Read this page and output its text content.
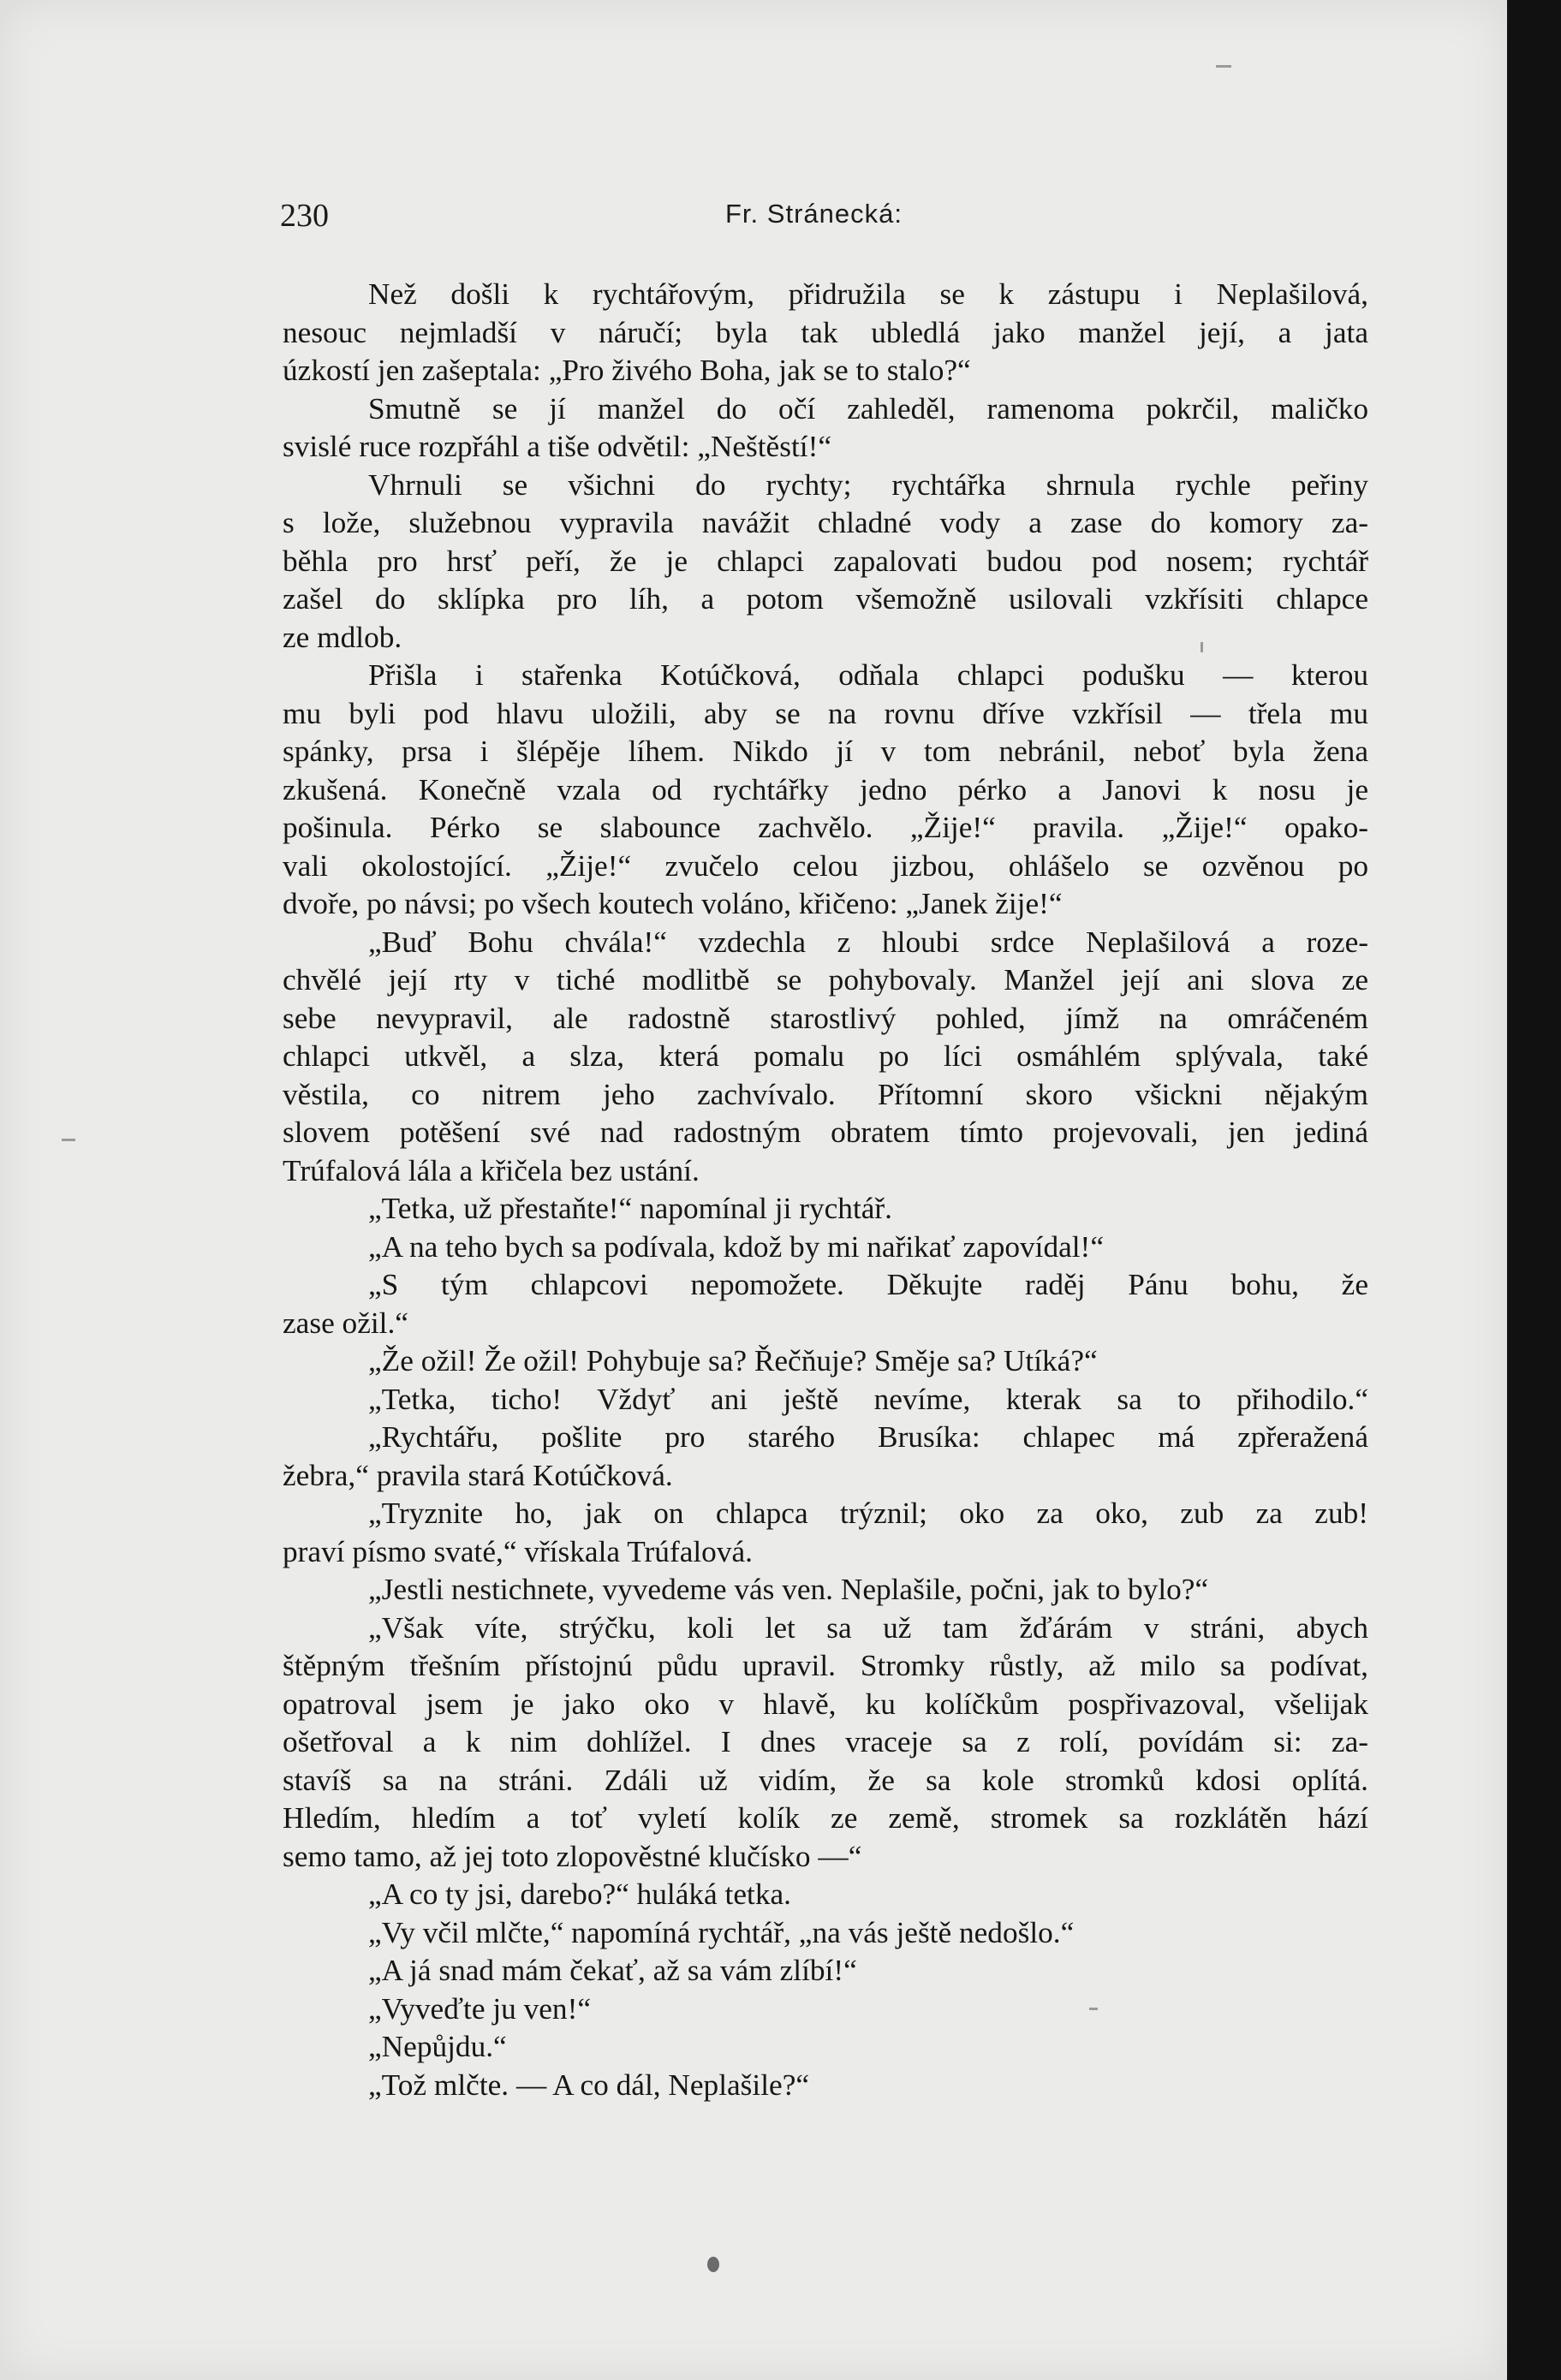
230	Fr. Stránecká:
Než došli k rychtářovým, přidružila se k zástupu i Neplašilová,
nesouc nejmladší v náručí; byla tak ubledlá jako manžel její, a jata
úzkostí jen zašeptala: „Pro živého Boha, jak se to stalo?“
Smutně se jí manžel do očí zahleděl, ramenoma pokrčil, maličko
svislé ruce rozpřáhl a tiše odvětil: „Neštěstí!“
Vhrnuli se všichni do rychty; rychtářka shrnula rychle peřiny
s lože, služebnou vypravila navážit chladné vody a zase do komory za-
běhla pro hrsť peří, že je chlapci zapalovati budou pod nosem; rychtář
zašel do sklípka pro líh, a potom všemožně usilovali vzkřísiti chlapce
ze mdlob.
Přišla i stařenka Kotúčková, odňala chlapci podušku — kterou
mu byli pod hlavu uložili, aby se na rovnu dříve vzkřísil — třela mu
spánky, prsa i šlépěje líhem. Nikdo jí v tom nebránil, neboť byla žena
zkušená. Konečně vzala od rychtářky jedno pérko a Janovi k nosu je
pošinula. Pérko se slabounce zachvělo. „Žije!“ pravila. „Žije!“ opako-
vali okolostojící. „Žije!“ zvučelo celou jizbou, ohlášelo se ozvěnou po
dvoře, po návsi; po všech koutech voláno, křičeno: „Janek žije!“
„Buď Bohu chvála!“ vzdechla z hloubi srdce Neplašilová a roze-
chvělé její rty v tiché modlitbě se pohybovaly. Manžel její ani slova ze
sebe nevypravil, ale radostně starostlivý pohled, jímž na omráčeném
chlapci utkvěl, a slza, která pomalu po líci osmáhlém splývala, také
věstila, co nitrem jeho zachvívalo. Přítomní skoro všickni nějakým
slovem potěšení své nad radostným obratem tímto projevovali, jen jediná
Trúfalová lála a křičela bez ustání.
„Tetka, už přestaňte!“ napomínal ji rychtář.
„A na teho bych sa podívala, kdož by mi nařikať zapovídal!“
„S tým chlapcovi nepomožete. Děkujte raděj Pánu bohu, že
zase ožil.“
„Že ožil! Že ožil! Pohybuje sa? Řečňuje? Směje sa? Utíká?“
„Tetka, ticho! Vždyť ani ještě nevíme, kterak sa to přihodilo.“
„Rychtářu, pošlite pro starého Brusíka: chlapec má zpřeražená
žebra,“ pravila stará Kotúčková.
„Tryznite ho, jak on chlapca trýznil; oko za oko, zub za zub!
praví písmo svaté,“ vřískala Trúfalová.
„Jestli nestichnete, vyvedeme vás ven. Neplašile, počni, jak to bylo?“
„Však víte, strýčku, koli let sa už tam žďárám v stráni, abych
štěpným třešním přístojnú půdu upravil. Stromky růstly, až milo sa podívat,
opatroval jsem je jako oko v hlavě, ku kolíčkům pospřivazoval, všelijak
ošetřoval a k nim dohlížel. I dnes vraceje sa z rolí, povídám si: za-
stavíš sa na stráni. Zdáli už vidím, že sa kole stromků kdosi oplítá.
Hledím, hledím a toť vyletí kolík ze země, stromek sa rozklátěn hází
semo tamo, až jej toto zlopověstné klučísko —“
„A co ty jsi, darebo?“ huláká tetka.
„Vy včil mlčte,“ napomíná rychtář, „na vás ještě nedošlo.“
„A já snad mám čekať, až sa vám zlíbí!“
„Vyveďte ju ven!“
„Nepůjdu.“
„Tož mlčte. — A co dál, Neplašile?“
